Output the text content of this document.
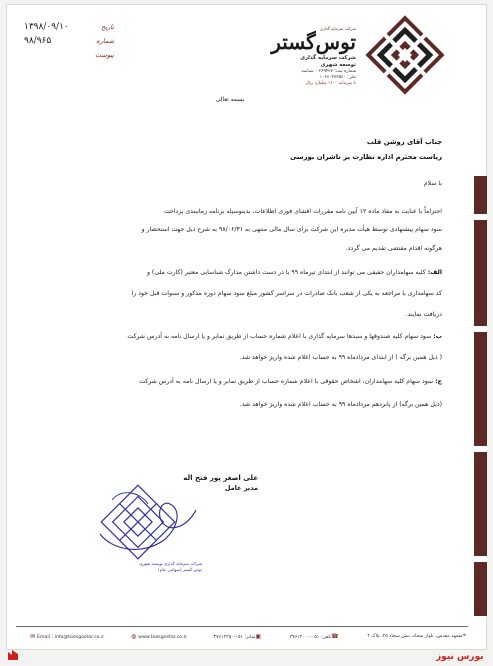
شرکت سرمایه گذاری
توس‌گستر
شرکت سرمایه گذاری توسعه شهری
شماره ثبت: ۲۶۹۴۳۷ – شناسه ملی: ۱۰۳۸۰۴۷۳۵۸۰
با سرمایه ۱۶۰۰ میلیارد ریال
تاریخ
۱۳۹۸/۰۹/۱۰
شماره
۹۸/۹۶۵
پیوست
بسمه تعالی
جناب آقای روشن قلب
ریاست محترم اداره نظارت بر ناشران بورسی
با سلام
احتراماً با عنایت به مفاد ماده ۱۲ آیین نامه مقررات افشای فوری اطلاعات، بدینوسیله برنامه زمانبندی پرداخت
سود سهام پیشنهادی توسط هیأت مدیره این شرکت برای سال مالی منتهی به ۹۸/۰۶/۳۱ به شرح ذیل جهت استحضار و
هرگونه اقدام مقتضی تقدیم می گردد.
الف: کلیه سهامداران حقیقی می توانند از ابتدای تیرماه ۹۹ با در دست داشتن مدارک شناسایی معتبر (کارت ملی) و
کد سهامداری با مراجعه به یکی از شعب بانک صادرات در سراسر کشور مبلغ سود سهام دوره مذکور و سنوات قبل خود را
دریافت نمایند.
ب: سود سهام کلیه صندوقها و سبدها سرمایه گذاری با اعلام شماره حساب از طریق نمابر و یا ارسال نامه به آدرس شرکت
( ذیل همین برگه ) از ابتدای مردادماه ۹۹ به حساب اعلام شده واریز خواهد شد.
ج: سود سهام کلیه سهامداران، اشخاص حقوقی با اعلام شماره حساب از طریق نمابر و یا ارسال نامه به آدرس شرکت
(ذیل همین برگه) از پانزدهم مردادماه ۹۹ به حساب اعلام شده واریز خواهد شد.
علی اصغر پور فتح اله
مدیر عامل
شرکت سرمایه گذاری توسعه شهری
توس گستر (سهامی عام)
✉ Email : info@toosgostar.co.ir	◍ www.toosgostar.co.ir	▣نمابر: ۰۵۱-۳۷۶۱۲۴۵۰	☎تلفن: ۰۵۱-۳۷۶۱۲۰۰۰	⌖مشهد مقدس، بلوار سجاد، نبش سجاد ۲۵، پلاک ۲
بورس نیوز
